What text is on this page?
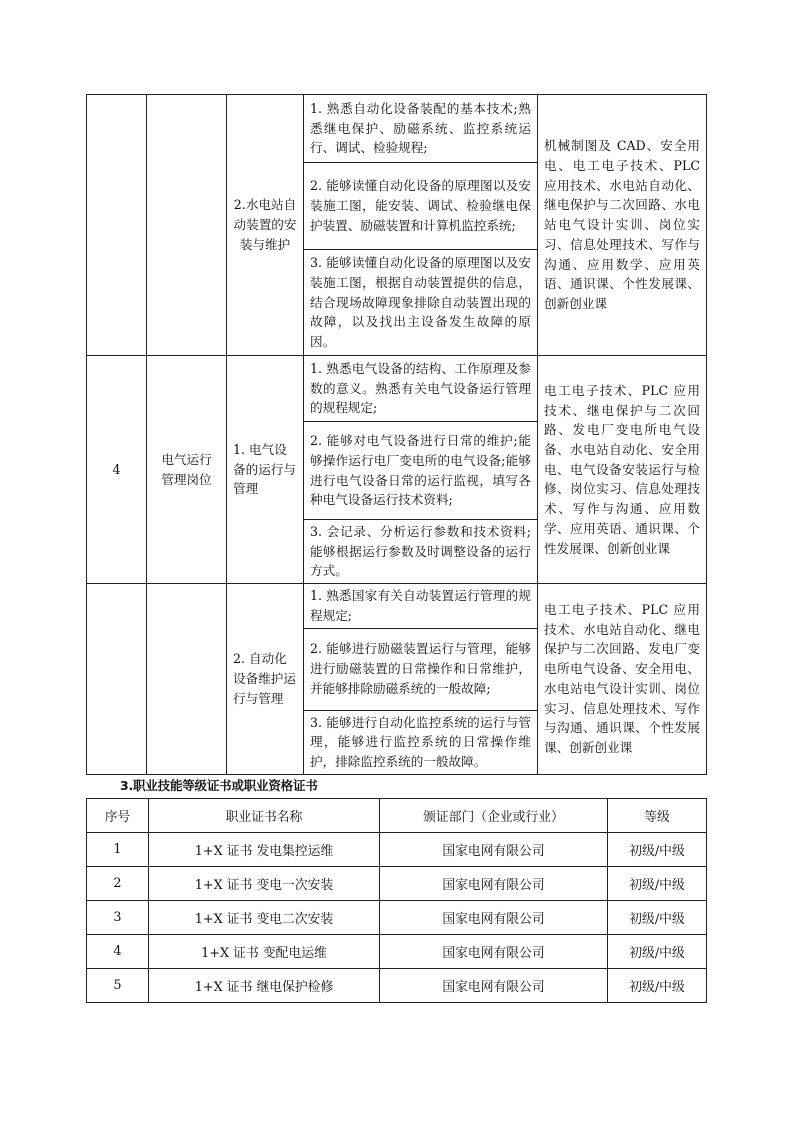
		2.水电站自动装置的安装与维护	1. 熟悉自动化设备装配的基本技术;熟悉继电保护、励磁系统、监控系统运行、调试、检验规程;	机械制图及 CAD、安全用电、电工电子技术、PLC 应用技术、水电站自动化、继电保护与二次回路、水电站电气设计实训、岗位实习、信息处理技术、写作与沟通、应用数学、应用英语、通识课、个性发展课、创新创业课
			2. 能够读懂自动化设备的原理图以及安装施工图，能安装、调试、检验继电保护装置、励磁装置和计算机监控系统;	
			3. 能够读懂自动化设备的原理图以及安装施工图，根据自动装置提供的信息，结合现场故障现象排除自动装置出现的故障，以及找出主设备发生故障的原因。	
4	电气运行管理岗位	1. 电气设备的运行与管理	1. 熟悉电气设备的结构、工作原理及参数的意义。熟悉有关电气设备运行管理的规程规定;	电工电子技术、PLC 应用技术、继电保护与二次回路、发电厂变电所电气设备、水电站自动化、安全用电、电气设备安装运行与检修、岗位实习、信息处理技术、写作与沟通、应用数学、应用英语、通识课、个性发展课、创新创业课
			2. 能够对电气设备进行日常的维护;能够操作运行电厂变电所的电气设备;能够进行电气设备日常的运行监视，填写各种电气设备运行技术资料;	
			3. 会记录、分析运行参数和技术资料;能够根据运行参数及时调整设备的运行方式。	
		2. 自动化设备维护运行与管理	1. 熟悉国家有关自动装置运行管理的规程规定;	电工电子技术、PLC 应用技术、水电站自动化、继电保护与二次回路、发电厂变电所电气设备、安全用电、水电站电气设计实训、岗位实习、信息处理技术、写作与沟通、通识课、个性发展课、创新创业课
			2. 能够进行励磁装置运行与管理，能够进行励磁装置的日常操作和日常维护，并能够排除励磁系统的一般故障;	
			3. 能够进行自动化监控系统的运行与管理，能够进行监控系统的日常操作维护，排除监控系统的一般故障。	
3.职业技能等级证书或职业资格证书
序号	职业证书名称	颁证部门（企业或行业）	等级
1	1+X 证书 发电集控运维	国家电网有限公司	初级/中级
2	1+X 证书 变电一次安装	国家电网有限公司	初级/中级
3	1+X 证书 变电二次安装	国家电网有限公司	初级/中级
4	1+X 证书 变配电运维	国家电网有限公司	初级/中级
5	1+X 证书 继电保护检修	国家电网有限公司	初级/中级
